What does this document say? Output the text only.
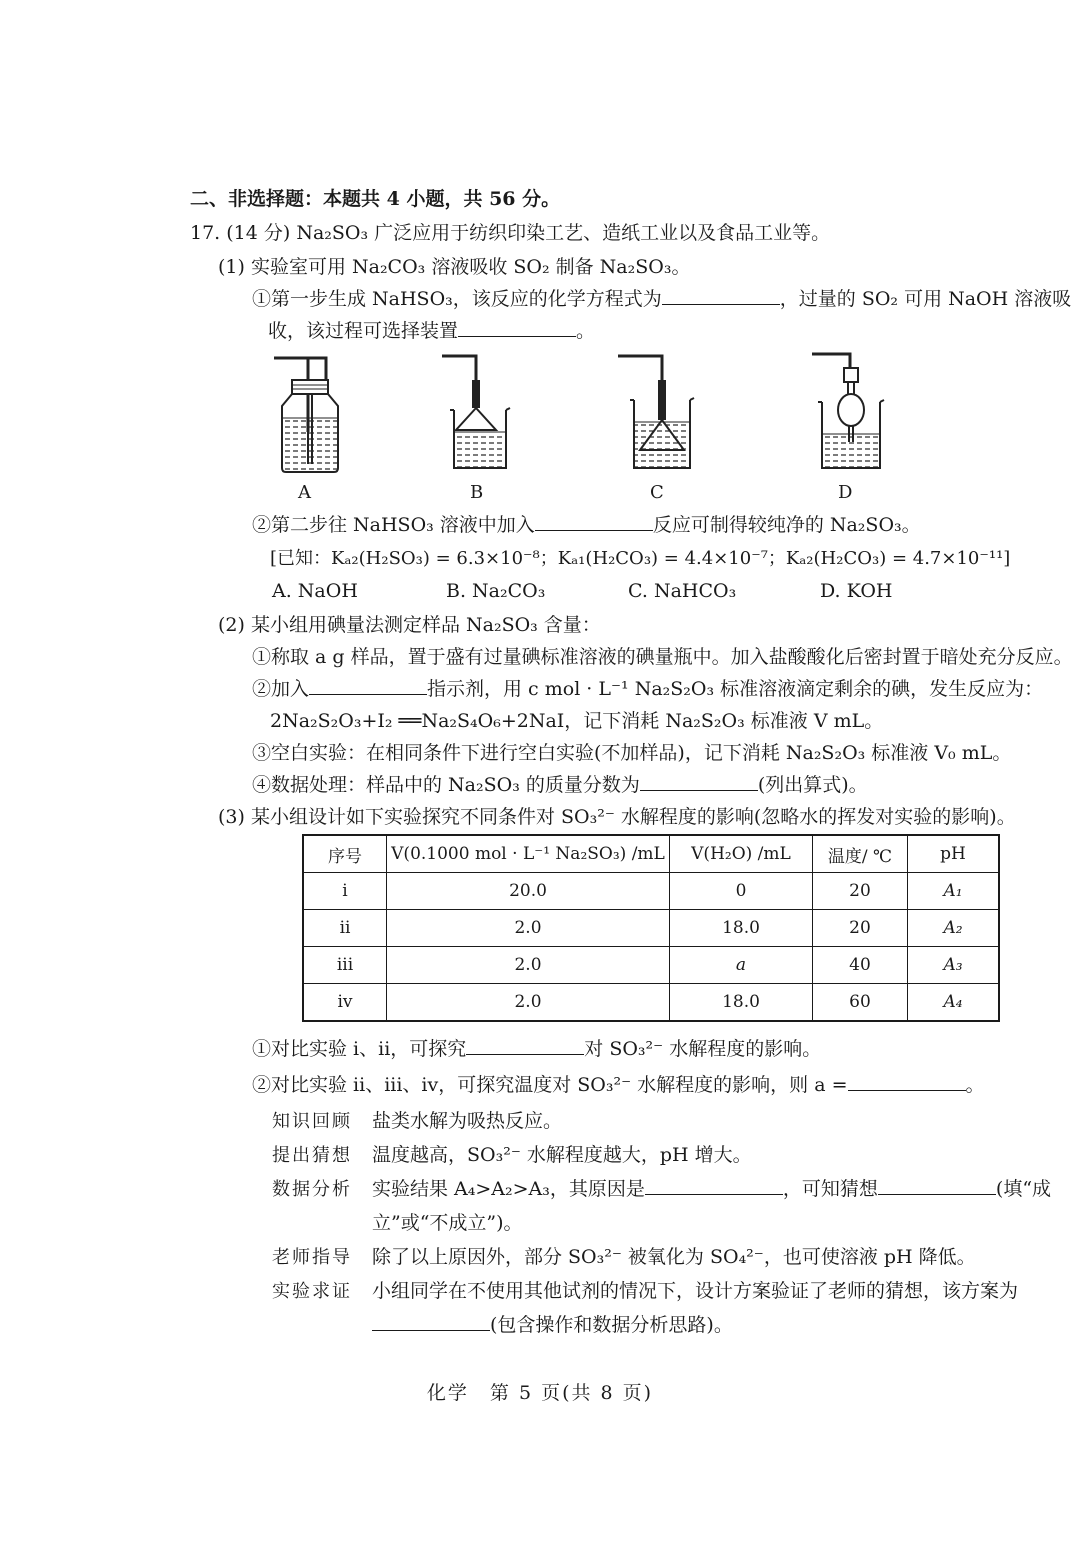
二、非选择题：本题共 4 小题，共 56 分。
17. (14 分) Na₂SO₃ 广泛应用于纺织印染工艺、造纸工业以及食品工业等。
(1) 实验室可用 Na₂CO₃ 溶液吸收 SO₂ 制备 Na₂SO₃。
①第一步生成 NaHSO₃，该反应的化学方程式为	，过量的 SO₂ 可用 NaOH 溶液吸
收，该过程可选择装置	。
A	B	C	D
②第二步往 NaHSO₃ 溶液中加入	反应可制得较纯净的 Na₂SO₃。
[已知：Kₐ₂(H₂SO₃) = 6.3×10⁻⁸；Kₐ₁(H₂CO₃) = 4.4×10⁻⁷；Kₐ₂(H₂CO₃) = 4.7×10⁻¹¹]
A. NaOH	B. Na₂CO₃	C. NaHCO₃	D. KOH
(2) 某小组用碘量法测定样品 Na₂SO₃ 含量：
①称取 a g 样品，置于盛有过量碘标准溶液的碘量瓶中。加入盐酸酸化后密封置于暗处充分反应。
②加入	指示剂，用 c mol · L⁻¹ Na₂S₂O₃ 标准溶液滴定剩余的碘，发生反应为：
2Na₂S₂O₃+I₂ ══Na₂S₄O₆+2NaI，记下消耗 Na₂S₂O₃ 标准液 V mL。
③空白实验：在相同条件下进行空白实验(不加样品)，记下消耗 Na₂S₂O₃ 标准液 V₀ mL。
④数据处理：样品中的 Na₂SO₃ 的质量分数为	(列出算式)。
(3) 某小组设计如下实验探究不同条件对 SO₃²⁻ 水解程度的影响(忽略水的挥发对实验的影响)。
序号	V(0.1000 mol · L⁻¹ Na₂SO₃) /mL	V(H₂O) /mL	温度/ ℃	pH
i	20.0	0	20	A₁
ii	2.0	18.0	20	A₂
iii	2.0	a	40	A₃
iv	2.0	18.0	60	A₄
①对比实验 i、ii，可探究	对 SO₃²⁻ 水解程度的影响。
②对比实验 ii、iii、iv，可探究温度对 SO₃²⁻ 水解程度的影响，则 a =	。
知识回顾 盐类水解为吸热反应。
提出猜想 温度越高，SO₃²⁻ 水解程度越大，pH 增大。
数据分析 实验结果 A₄>A₂>A₃，其原因是	，可知猜想	(填“成
立”或“不成立”)。
老师指导 除了以上原因外，部分 SO₃²⁻ 被氧化为 SO₄²⁻，也可使溶液 pH 降低。
实验求证 小组同学在不使用其他试剂的情况下，设计方案验证了老师的猜想，该方案为
(包含操作和数据分析思路)。
化学　第 5 页(共 8 页)
